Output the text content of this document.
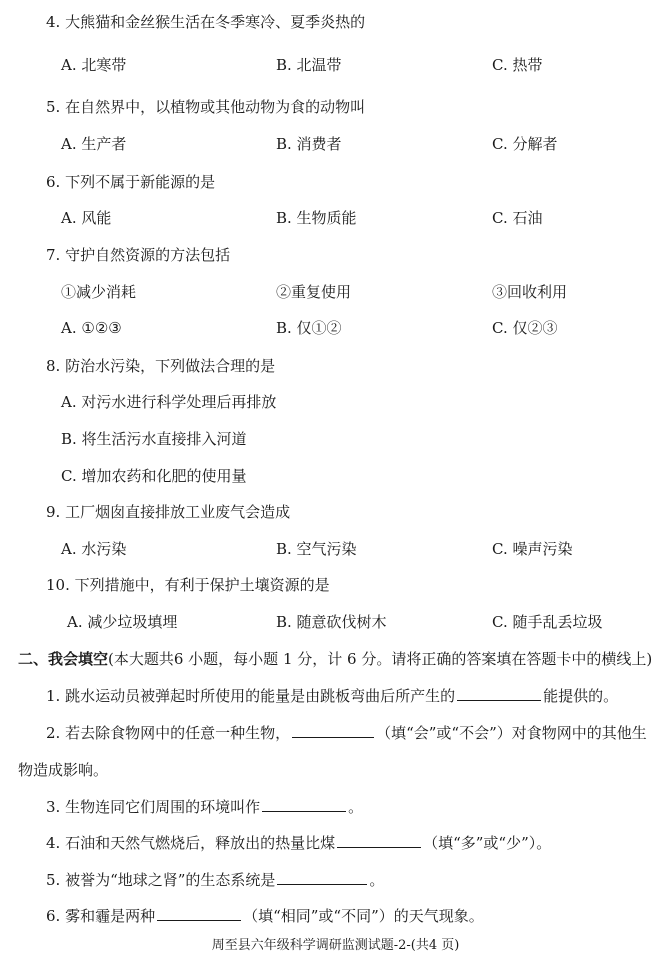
4. 大熊猫和金丝猴生活在冬季寒冷、夏季炎热的
A. 北寒带	B. 北温带	C. 热带
5. 在自然界中，以植物或其他动物为食的动物叫
A. 生产者	B. 消费者	C. 分解者
6. 下列不属于新能源的是
A. 风能	B. 生物质能	C. 石油
7. 守护自然资源的方法包括
①减少消耗	②重复使用	③回收利用
A. ①②③	B. 仅①②	C. 仅②③
8. 防治水污染，下列做法合理的是
A. 对污水进行科学处理后再排放
B. 将生活污水直接排入河道
C. 增加农药和化肥的使用量
9. 工厂烟囱直接排放工业废气会造成
A. 水污染	B. 空气污染	C. 噪声污染
10. 下列措施中，有利于保护土壤资源的是
A. 减少垃圾填埋	B. 随意砍伐树木	C. 随手乱丢垃圾
二、我会填空(本大题共6 小题，每小题 1 分，计 6 分。请将正确的答案填在答题卡中的横线上)
1. 跳水运动员被弹起时所使用的能量是由跳板弯曲后所产生的	能提供的。
2. 若去除食物网中的任意一种生物，	（填“会”或“不会”）对食物网中的其他生
物造成影响。
3. 生物连同它们周围的环境叫作	。
4. 石油和天然气燃烧后，释放出的热量比煤	（填“多”或“少”）。
5. 被誉为“地球之肾”的生态系统是	。
6. 雾和霾是两种	（填“相同”或“不同”）的天气现象。
周至县六年级科学调研监测试题-2-(共4 页)
